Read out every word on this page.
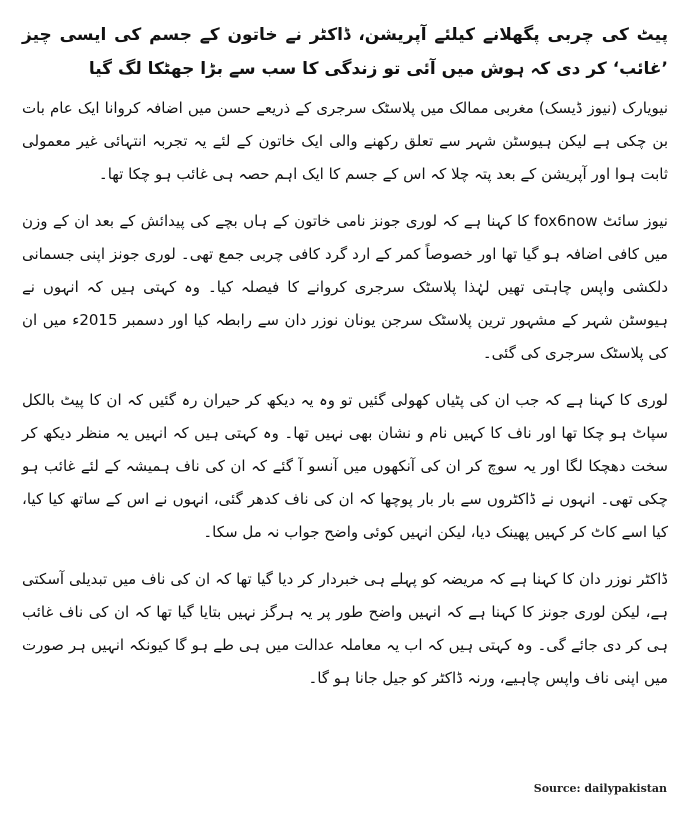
پیٹ کی چربی پگھلانے کیلئے آپریشن، ڈاکٹر نے خاتون کے جسم کی ایسی چیز ’غائب‘ کر دی کہ ہوش میں آئی تو زندگی کا سب سے بڑا جھٹکا لگ گیا

نیویارک (نیوز ڈیسک) مغربی ممالک میں پلاسٹک سرجری کے ذریعے حسن میں اضافہ کروانا ایک عام بات بن چکی ہے لیکن ہیوسٹن شہر سے تعلق رکھنے والی ایک خاتون کے لئے یہ تجربہ انتہائی غیر معمولی ثابت ہوا اور آپریشن کے بعد پتہ چلا کہ اس کے جسم کا ایک اہم حصہ ہی غائب ہو چکا تھا۔

نیوز سائٹ fox6now کا کہنا ہے کہ لوری جونز نامی خاتون کے ہاں بچے کی پیدائش کے بعد ان کے وزن میں کافی اضافہ ہو گیا تھا اور خصوصاً کمر کے ارد گرد کافی چربی جمع تھی۔ لوری جونز اپنی جسمانی دلکشی واپس چاہتی تھیں لہٰذا پلاسٹک سرجری کروانے کا فیصلہ کیا۔ وہ کہتی ہیں کہ انہوں نے ہیوسٹن شہر کے مشہور ترین پلاسٹک سرجن یونان نوزر دان سے رابطہ کیا اور دسمبر 2015ء میں ان کی پلاسٹک سرجری کی گئی۔

لوری کا کہنا ہے کہ جب ان کی پٹیاں کھولی گئیں تو وہ یہ دیکھ کر حیران رہ گئیں کہ ان کا پیٹ بالکل سپاٹ ہو چکا تھا اور ناف کا کہیں نام و نشان بھی نہیں تھا۔ وہ کہتی ہیں کہ انہیں یہ منظر دیکھ کر سخت دھچکا لگا اور یہ سوچ کر ان کی آنکھوں میں آنسو آ گئے کہ ان کی ناف ہمیشہ کے لئے غائب ہو چکی تھی۔ انہوں نے ڈاکٹروں سے بار بار پوچھا کہ ان کی ناف کدھر گئی، انہوں نے اس کے ساتھ کیا کیا، کیا اسے کاٹ کر کہیں پھینک دیا، لیکن انہیں کوئی واضح جواب نہ مل سکا۔

ڈاکٹر نوزر دان کا کہنا ہے کہ مریضہ کو پہلے ہی خبردار کر دیا گیا تھا کہ ان کی ناف میں تبدیلی آسکتی ہے، لیکن لوری جونز کا کہنا ہے کہ انہیں واضح طور پر یہ ہرگز نہیں بتایا گیا تھا کہ ان کی ناف غائب ہی کر دی جائے گی۔ وہ کہتی ہیں کہ اب یہ معاملہ عدالت میں ہی طے ہو گا کیونکہ انہیں ہر صورت میں اپنی ناف واپس چاہیے، ورنہ ڈاکٹر کو جیل جانا ہو گا۔

Source: dailypakistan
